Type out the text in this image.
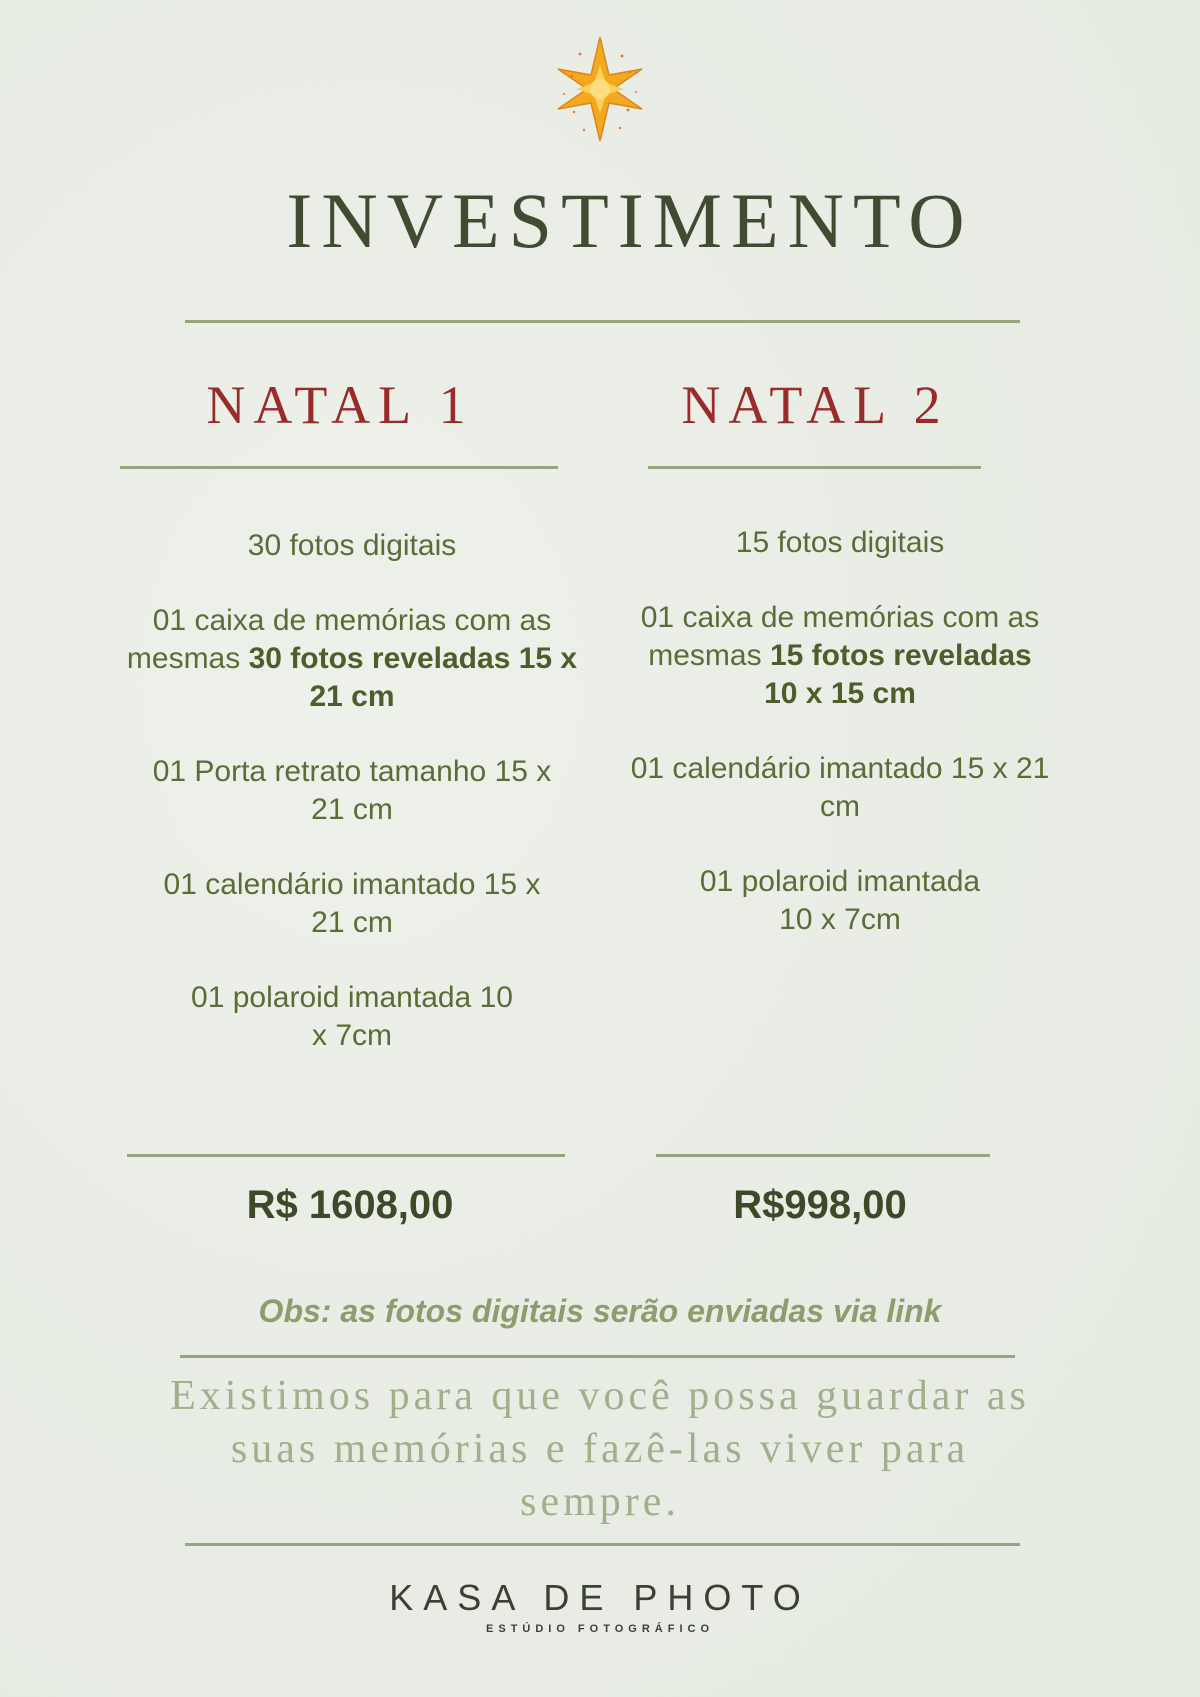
INVESTIMENTO
NATAL 1
30 fotos digitais
01 caixa de memórias com as mesmas 30 fotos reveladas 15 x 21 cm
01 Porta retrato tamanho 15 x 21 cm
01 calendário imantado 15 x 21 cm
01 polaroid imantada 10 x 7cm
R$ 1608,00
NATAL 2
15 fotos digitais
01 caixa de memórias com as mesmas 15 fotos reveladas 10 x 15 cm
01 calendário imantado 15 x 21 cm
01 polaroid imantada 10 x 7cm
R$998,00
Obs: as fotos digitais serão enviadas via link
Existimos para que você possa guardar as suas memórias e fazê-las viver para sempre.
KASA DE PHOTO
ESTÚDIO FOTOGRÁFICO
